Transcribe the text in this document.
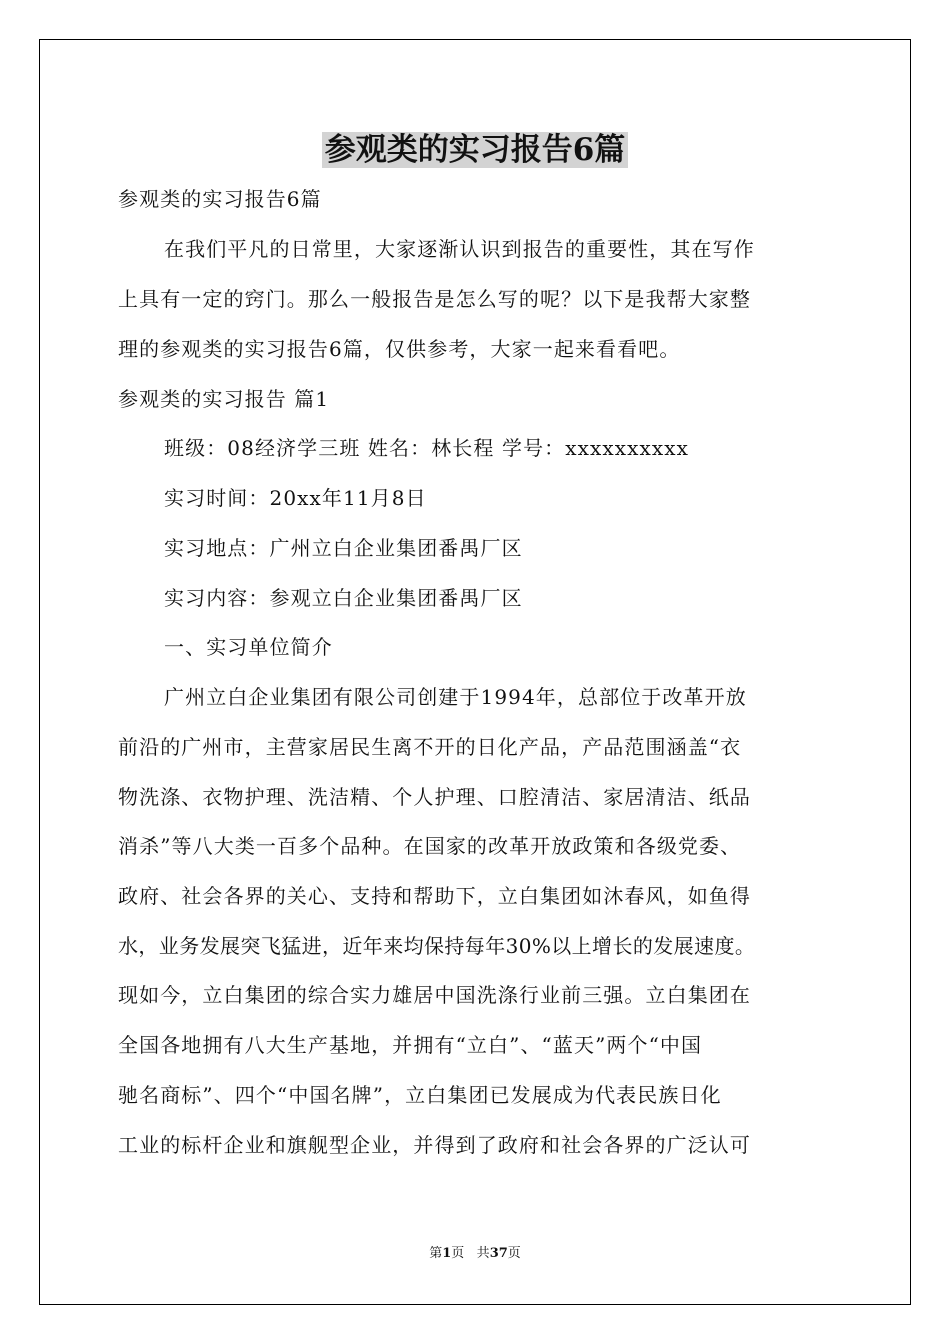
参观类的实习报告6篇
参观类的实习报告6篇
在我们平凡的日常里，大家逐渐认识到报告的重要性，其在写作
上具有一定的窍门。那么一般报告是怎么写的呢？以下是我帮大家整
理的参观类的实习报告6篇，仅供参考，大家一起来看看吧。
参观类的实习报告 篇1
班级：08经济学三班 姓名：林长程 学号：xxxxxxxxxx
实习时间：20xx年11月8日
实习地点：广州立白企业集团番禺厂区
实习内容：参观立白企业集团番禺厂区
一、实习单位简介
广州立白企业集团有限公司创建于1994年，总部位于改革开放
前沿的广州市，主营家居民生离不开的日化产品，产品范围涵盖“衣
物洗涤、衣物护理、洗洁精、个人护理、口腔清洁、家居清洁、纸品
消杀”等八大类一百多个品种。在国家的改革开放政策和各级党委、
政府、社会各界的关心、支持和帮助下，立白集团如沐春风，如鱼得
水，业务发展突飞猛进，近年来均保持每年30%以上增长的发展速度。
现如今，立白集团的综合实力雄居中国洗涤行业前三强。立白集团在
全国各地拥有八大生产基地，并拥有“立白”、“蓝天”两个“中国
驰名商标”、四个“中国名牌”，立白集团已发展成为代表民族日化
工业的标杆企业和旗舰型企业，并得到了政府和社会各界的广泛认可
第1页 共37页
